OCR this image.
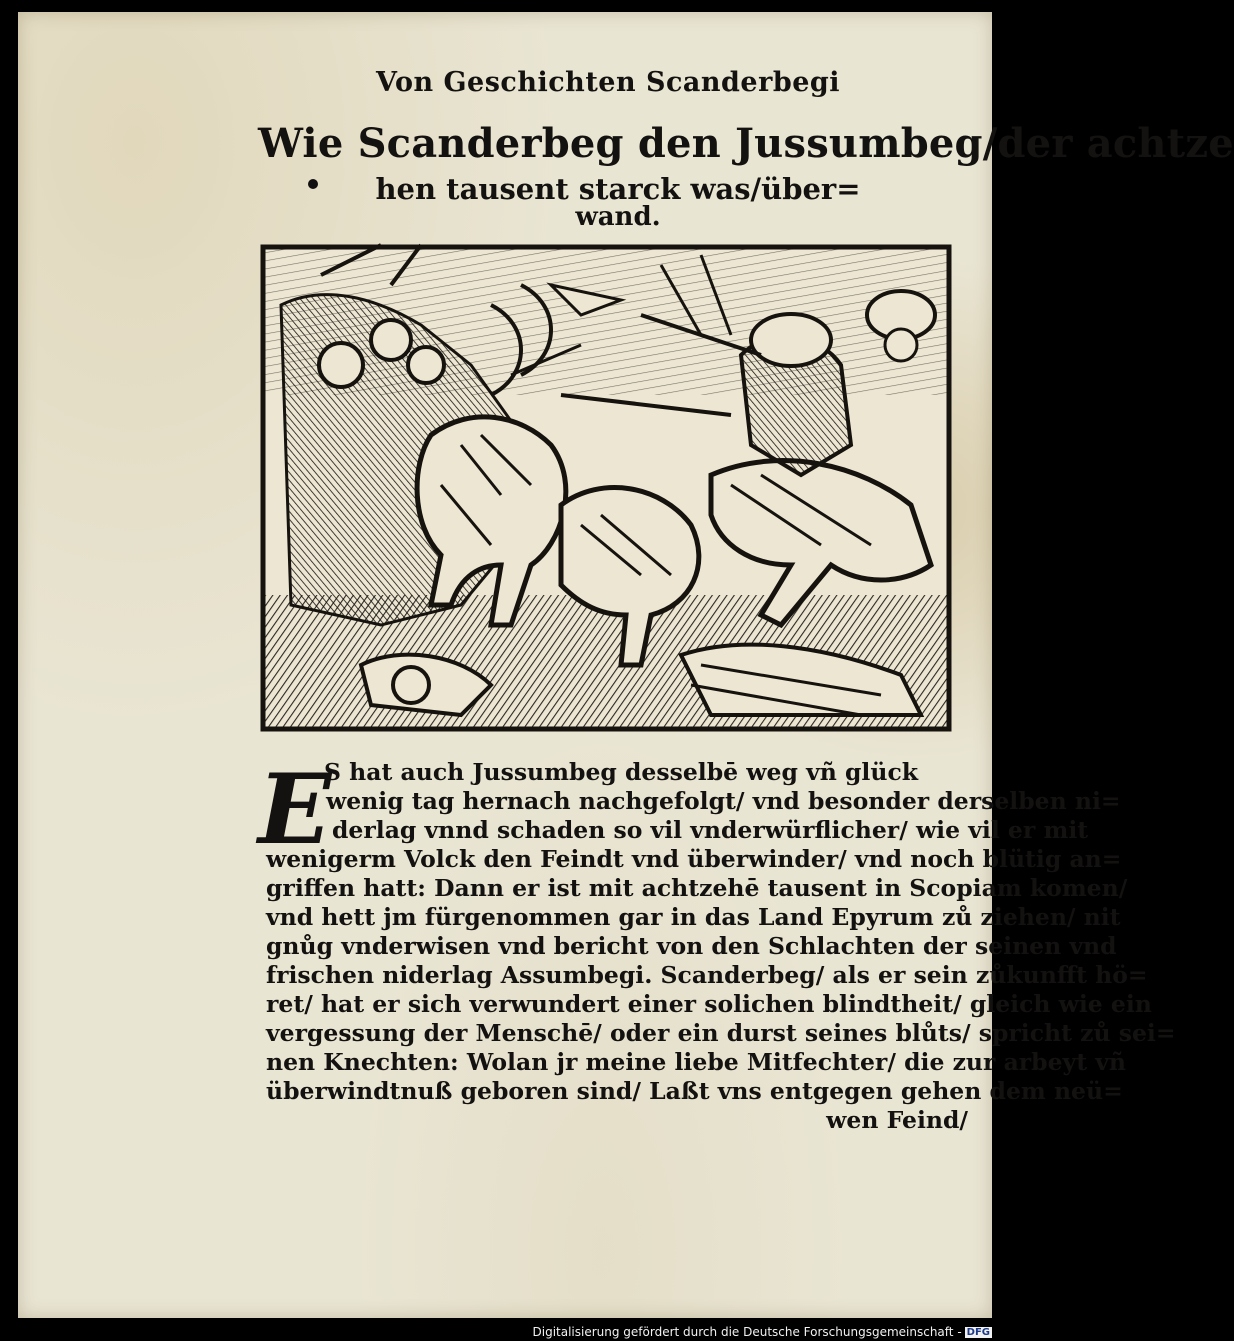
Von Geschichten Scanderbegi
Wie Scanderbeg den Jussumbeg/der achtze
hen tausent starck was/über=
wand.
E
S hat auch Jussumbeg desselbē weg vñ glück
wenig tag hernach nachgefolgt/ vnd besonder derselben ni=
derlag vnnd schaden so vil vnderwürflicher/ wie vil er mit
wenigerm Volck den Feindt vnd überwinder/ vnd noch blütig an=
griffen hatt: Dann er ist mit achtzehē tausent in Scopiam komen/
vnd hett jm fürgenommen gar in das Land Epyrum zů ziehen/ nit
gnůg vnderwisen vnd bericht von den Schlachten der seinen vnd
frischen niderlag Assumbegi. Scanderbeg/ als er sein zůkunfft hö=
ret/ hat er sich verwundert einer solichen blindtheit/ gleich wie ein
vergessung der Menschē/ oder ein durst seines blůts/ spricht zů sei=
nen Knechten: Wolan jr meine liebe Mitfechter/ die zur arbeyt vñ
überwindtnuß geboren sind/ Laßt vns entgegen gehen dem neü=
wen Feind/
Digitalisierung gefördert durch die Deutsche Forschungsgemeinschaft - DFG
